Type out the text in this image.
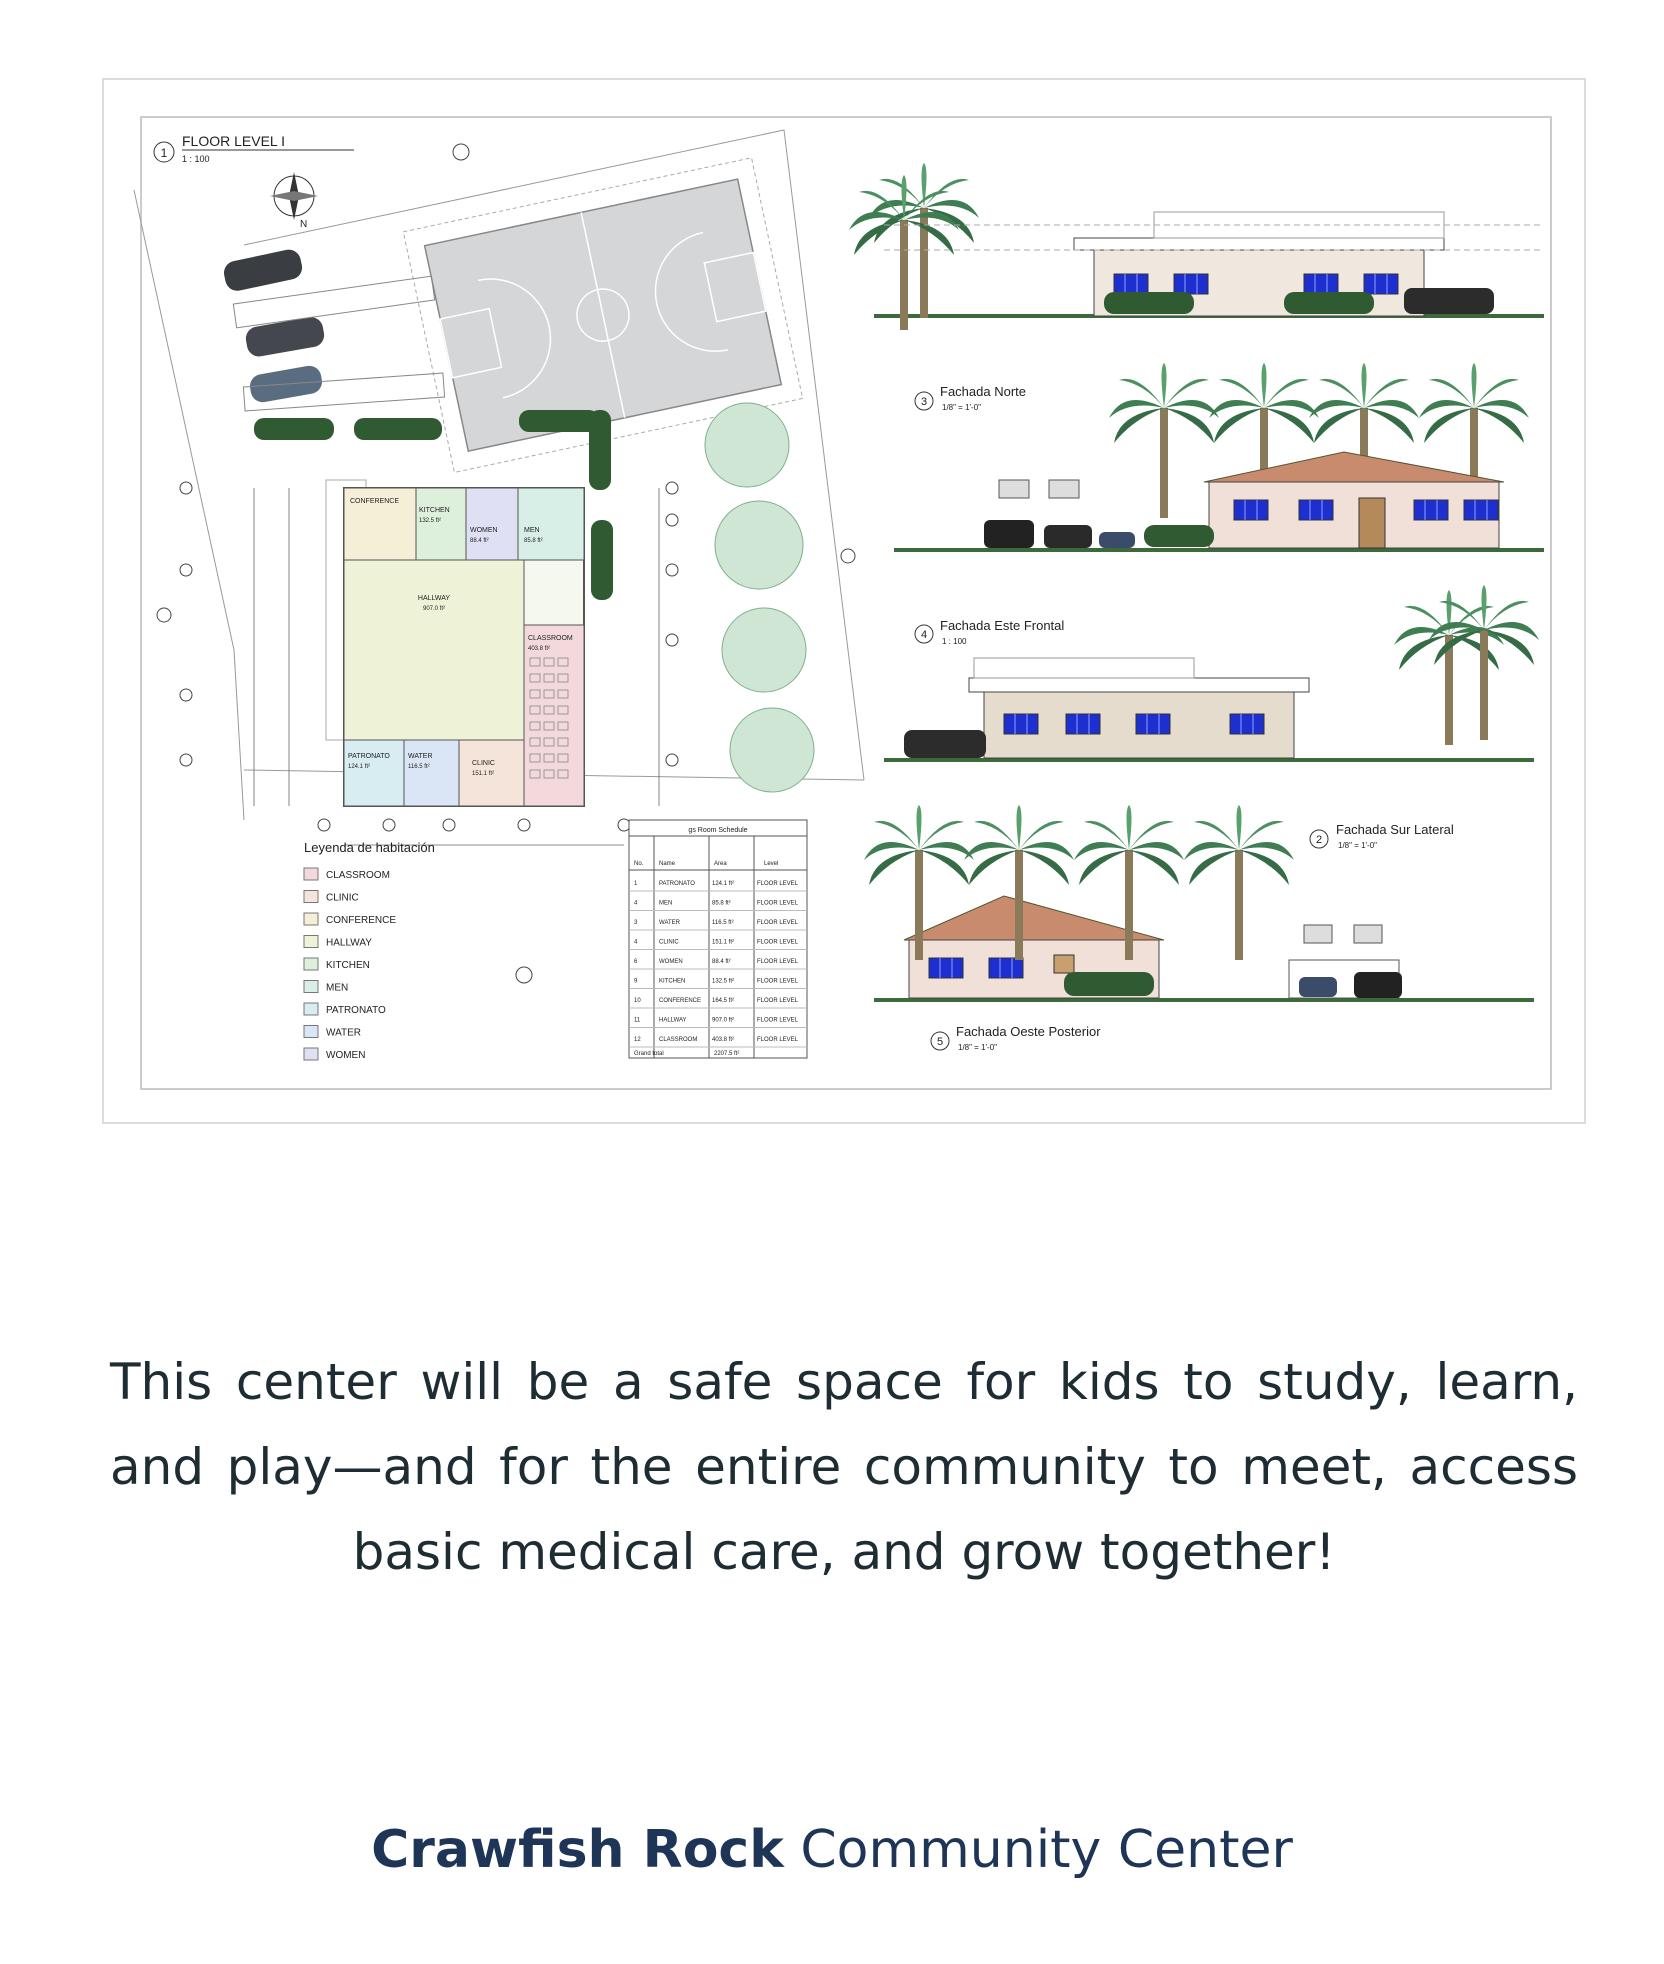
1
FLOOR LEVEL I
1 : 100
N
CONFERENCE
KITCHEN
132.5 ft²
WOMEN
88.4 ft²
MEN
85.8 ft²
HALLWAY
907.0 ft²
CLASSROOM
403.8 ft²
PATRONATO
124.1 ft²
WATER
116.5 ft²	CLINIC
151.1 ft²
Leyenda de habitación
CLASSROOM
CLINIC
CONFERENCE
HALLWAY
KITCHEN
MEN
PATRONATO
WATER
WOMEN
gs Room Schedule
No.	Name	Area	Level
1	PATRONATO	124.1 ft²	FLOOR LEVEL
4	MEN	85.8 ft²	FLOOR LEVEL
3	WATER	116.5 ft²	FLOOR LEVEL
4	CLINIC	151.1 ft²	FLOOR LEVEL
6	WOMEN	88.4 ft²	FLOOR LEVEL
9	KITCHEN	132.5 ft²	FLOOR LEVEL
10	CONFERENCE 164.5 ft²	FLOOR LEVEL
11	HALLWAY	907.0 ft²	FLOOR LEVEL
12	CLASSROOM 403.8 ft²	FLOOR LEVEL
Grand total	2207.5 ft²
3
Fachada Norte
1/8" = 1'-0"
4
Fachada Este Frontal
1 : 100
2
Fachada Sur Lateral
1/8" = 1'-0"
5
Fachada Oeste Posterior
1/8" = 1'-0"

This center will be a safe space for kids to study, learn, and play—and for the entire community to meet, access basic medical care, and grow together!

Crawfish Rock Community Center
